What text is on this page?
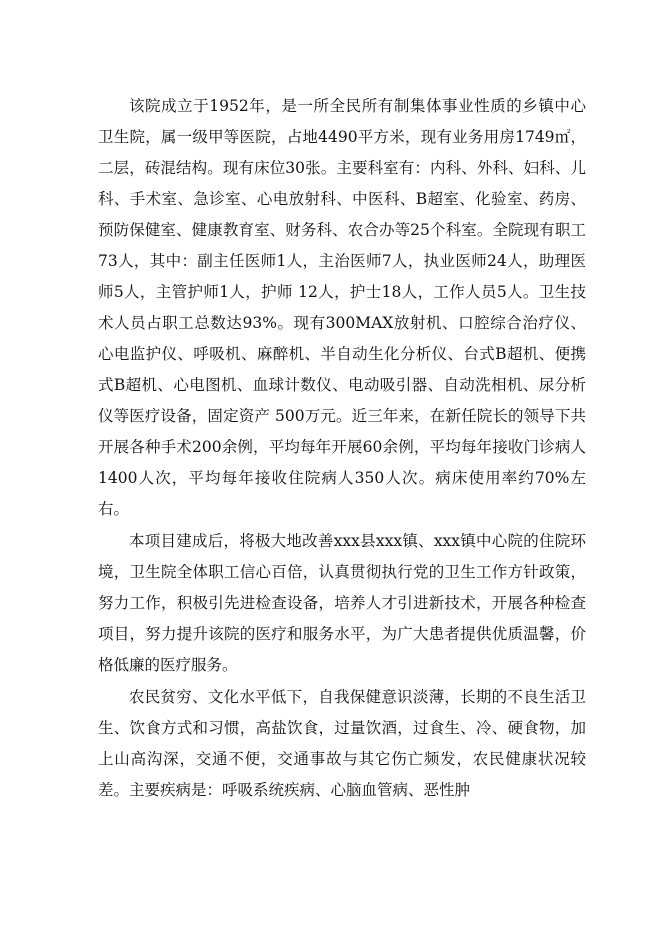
该院成立于1952年，是一所全民所有制集体事业性质的乡镇中心卫生院，属一级甲等医院，占地4490平方米，现有业务用房1749㎡，二层，砖混结构。现有床位30张。主要科室有：内科、外科、妇科、儿科、手术室、急诊室、心电放射科、中医科、B超室、化验室、药房、预防保健室、健康教育室、财务科、农合办等25个科室。全院现有职工73人，其中：副主任医师1人，主治医师7人，执业医师24人，助理医师5人，主管护师1人，护师 12人，护士18人，工作人员5人。卫生技术人员占职工总数达93%。现有300MAX放射机、口腔综合治疗仪、心电监护仪、呼吸机、麻醉机、半自动生化分析仪、台式B超机、便携式B超机、心电图机、血球计数仪、电动吸引器、自动洗相机、尿分析仪等医疗设备，固定资产 500万元。近三年来，在新任院长的领导下共开展各种手术200余例，平均每年开展60余例，平均每年接收门诊病人 1400人次，平均每年接收住院病人350人次。病床使用率约70%左右。

本项目建成后，将极大地改善xxx县xxx镇、xxx镇中心院的住院环境，卫生院全体职工信心百倍，认真贯彻执行党的卫生工作方针政策，努力工作，积极引先进检查设备，培养人才引进新技术，开展各种检查项目，努力提升该院的医疗和服务水平，为广大患者提供优质温馨，价格低廉的医疗服务。

农民贫穷、文化水平低下，自我保健意识淡薄，长期的不良生活卫生、饮食方式和习惯，高盐饮食，过量饮酒，过食生、冷、硬食物，加上山高沟深，交通不便，交通事故与其它伤亡频发，农民健康状况较差。主要疾病是：呼吸系统疾病、心脑血管病、恶性肿
